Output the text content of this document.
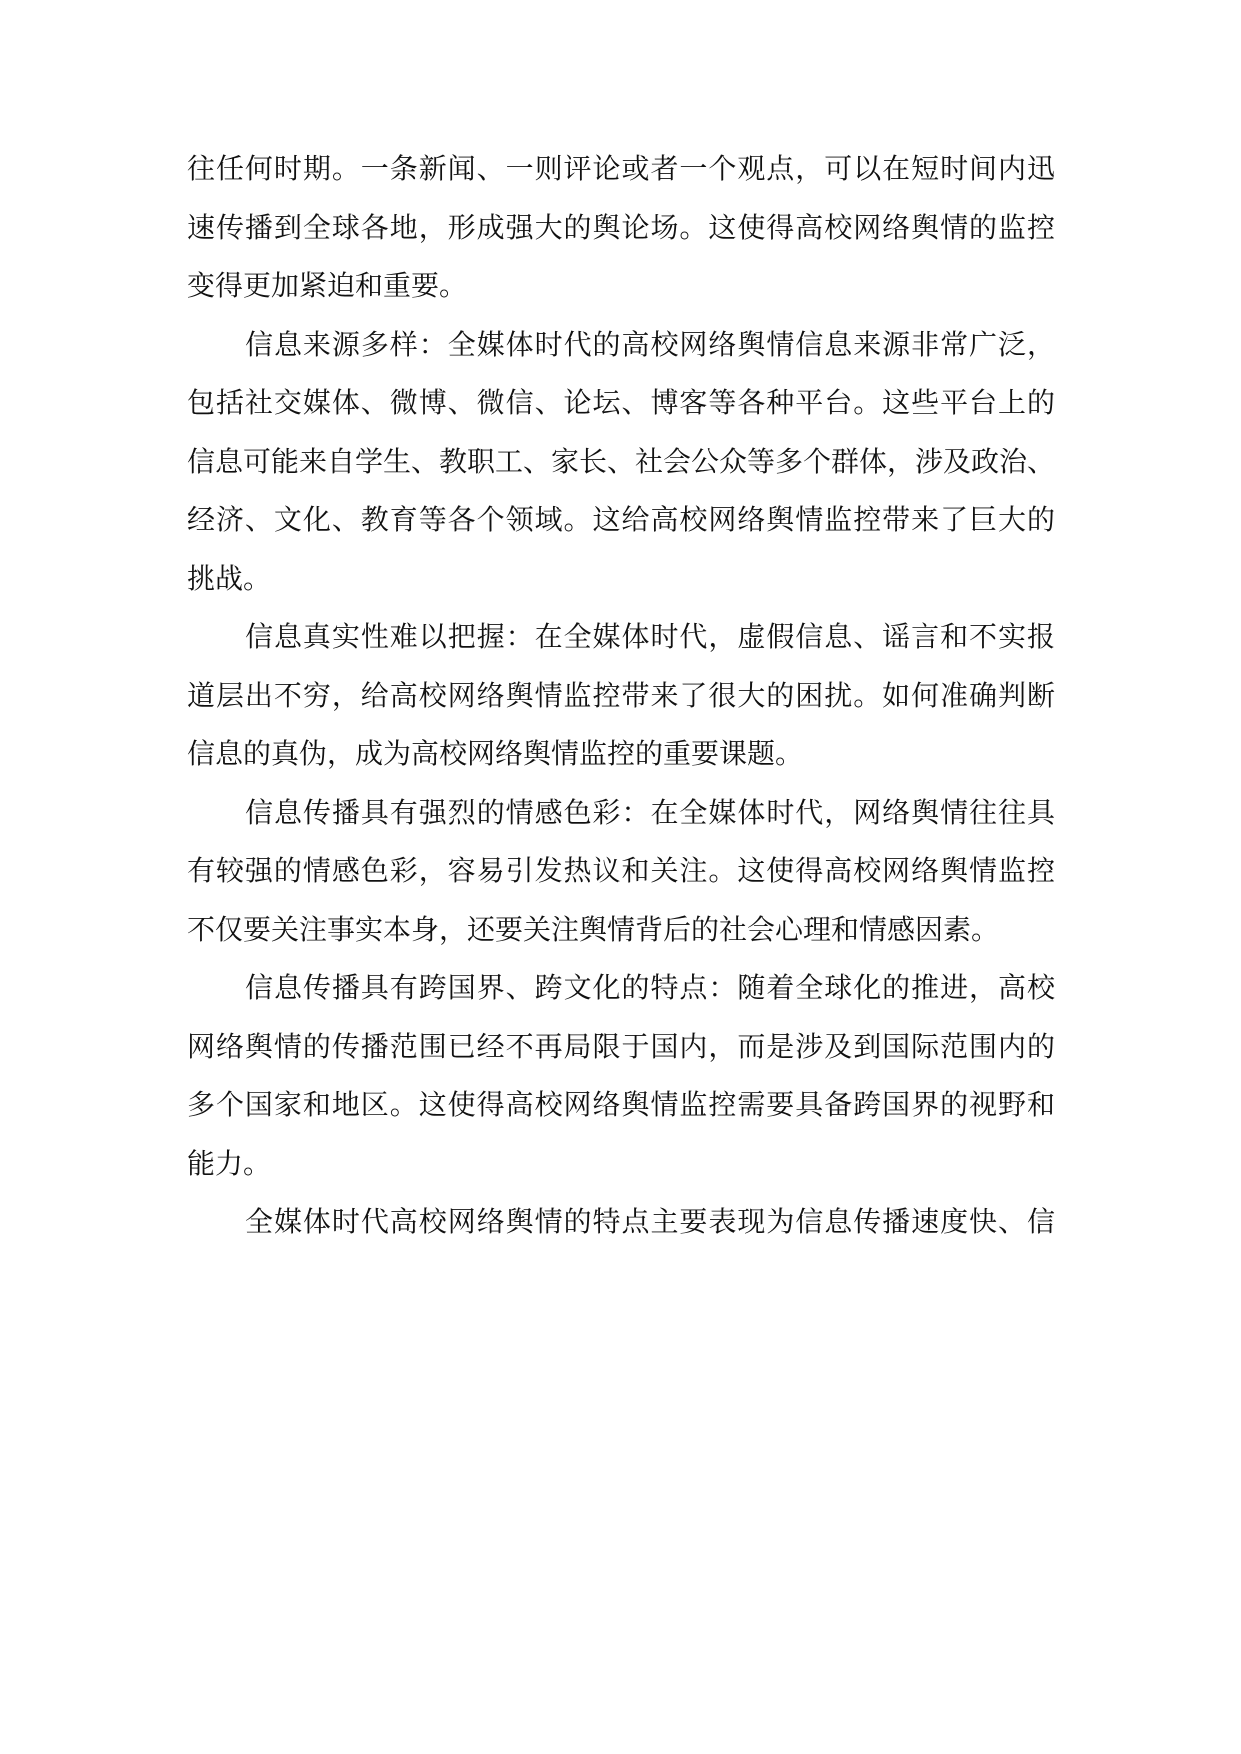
往任何时期。一条新闻、一则评论或者一个观点，可以在短时间内迅
速传播到全球各地，形成强大的舆论场。这使得高校网络舆情的监控
变得更加紧迫和重要。
信息来源多样：全媒体时代的高校网络舆情信息来源非常广泛，
包括社交媒体、微博、微信、论坛、博客等各种平台。这些平台上的
信息可能来自学生、教职工、家长、社会公众等多个群体，涉及政治、
经济、文化、教育等各个领域。这给高校网络舆情监控带来了巨大的
挑战。
信息真实性难以把握：在全媒体时代，虚假信息、谣言和不实报
道层出不穷，给高校网络舆情监控带来了很大的困扰。如何准确判断
信息的真伪，成为高校网络舆情监控的重要课题。
信息传播具有强烈的情感色彩：在全媒体时代，网络舆情往往具
有较强的情感色彩，容易引发热议和关注。这使得高校网络舆情监控
不仅要关注事实本身，还要关注舆情背后的社会心理和情感因素。
信息传播具有跨国界、跨文化的特点：随着全球化的推进，高校
网络舆情的传播范围已经不再局限于国内，而是涉及到国际范围内的
多个国家和地区。这使得高校网络舆情监控需要具备跨国界的视野和
能力。
全媒体时代高校网络舆情的特点主要表现为信息传播速度快、信
